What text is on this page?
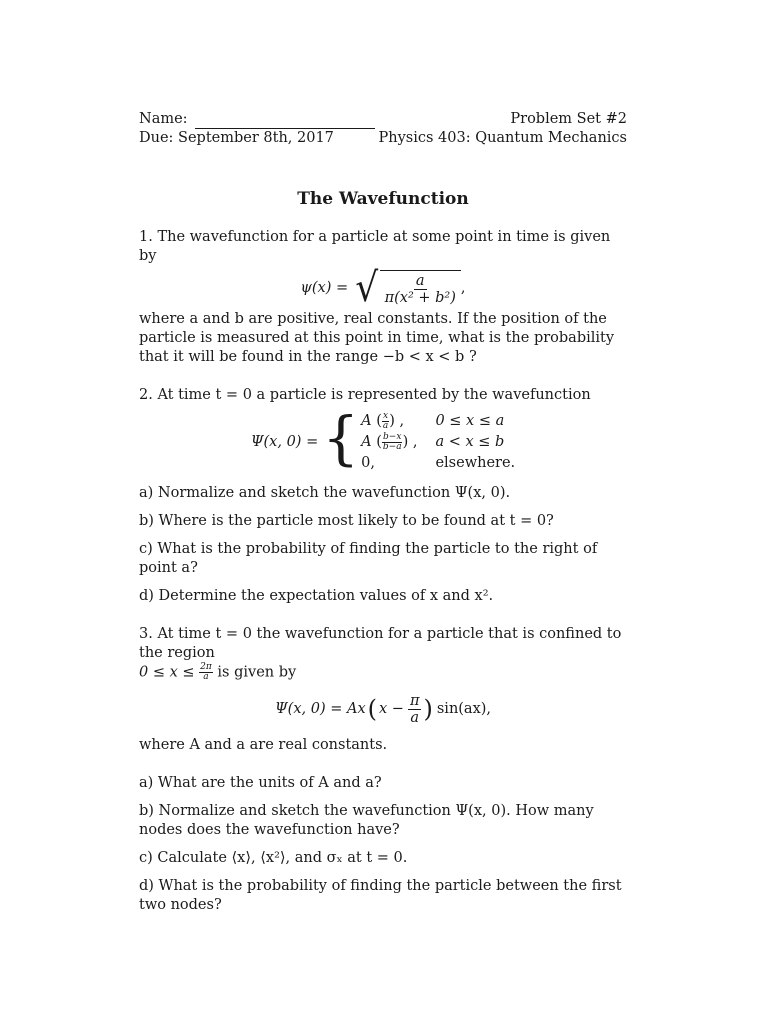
Name:
Due: September 8th, 2017
Problem Set #2
Physics 403: Quantum Mechanics
The Wavefunction

1. The wavefunction for a particle at some point in time is given by

ψ(x) = √ $\frac{a}{\text{π(x² + b²)}}$ ,

where a and b are positive, real constants. If the position of the particle is measured at this point in time, what is the probability that it will be found in the range −b < x < b ?

2. At time t = 0 a particle is represented by the wavefunction

Ψ(x, 0) = { A ( $\frac{x}{a}$ ) ,	0 ≤ x ≤ a
A ( $\frac{b-x}{b-a}$ ) , a < x ≤ b
0,	elsewhere.

a) Normalize and sketch the wavefunction Ψ(x, 0).

b) Where is the particle most likely to be found at t = 0?

c) What is the probability of finding the particle to the right of point a?

d) Determine the expectation values of x and x².

3. At time t = 0 the wavefunction for a particle that is confined to the region

$0 \le x \le \frac{2\pi}{a}$ is given by

Ψ(x, 0) = Ax ( $x - \frac{\pi}{a}$ ) sin(ax),

where A and a are real constants.

a) What are the units of A and a?

b) Normalize and sketch the wavefunction Ψ(x, 0). How many nodes does the wavefunction have?

c) Calculate ⟨x⟩, ⟨x²⟩, and σₓ at t = 0.

d) What is the probability of finding the particle between the first two nodes?
